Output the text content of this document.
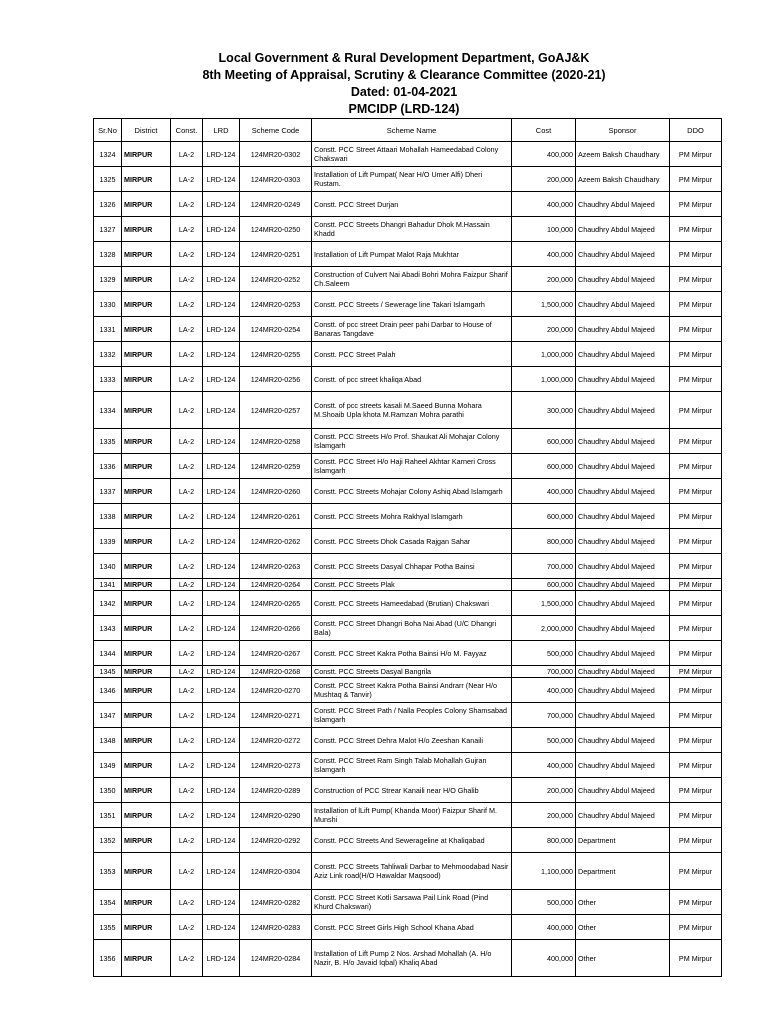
Local Government & Rural Development Department, GoAJ&K
8th Meeting of Appraisal, Scrutiny & Clearance Committee (2020-21)
Dated: 01-04-2021
PMCIDP (LRD-124)
Sr.No	District	Const.	LRD	Scheme Code	Scheme Name	Cost	Sponsor	DDO
1324	MIRPUR	LA-2	LRD-124	124MR20-0302	Constt. PCC Street Attaari Mohallah Hameedabad Colony Chakswari	400,000	Azeem Baksh Chaudhary	PM Mirpur
1325	MIRPUR	LA-2	LRD-124	124MR20-0303	Installation of Lift Pumpat( Near H/O Umer Alfi) Dheri Rustam.	200,000	Azeem Baksh Chaudhary	PM Mirpur
1326	MIRPUR	LA-2	LRD-124	124MR20-0249	Constt. PCC Street Durjan	400,000	Chaudhry Abdul Majeed	PM Mirpur
1327	MIRPUR	LA-2	LRD-124	124MR20-0250	Constt. PCC Streets Dhangri Bahadur Dhok M.Hassain Khadd	100,000	Chaudhry Abdul Majeed	PM Mirpur
1328	MIRPUR	LA-2	LRD-124	124MR20-0251	Installation of Lift Pumpat Malot Raja Mukhtar	400,000	Chaudhry Abdul Majeed	PM Mirpur
1329	MIRPUR	LA-2	LRD-124	124MR20-0252	Construction of Culvert Nai Abadi Bohri Mohra Faizpur Sharif Ch.Saleem	200,000	Chaudhry Abdul Majeed	PM Mirpur
1330	MIRPUR	LA-2	LRD-124	124MR20-0253	Constt. PCC Streets / Sewerage line Takari Islamgarh	1,500,000	Chaudhry Abdul Majeed	PM Mirpur
1331	MIRPUR	LA-2	LRD-124	124MR20-0254	Constt. of pcc street Drain peer pahi Darbar to House of Banaras Tangdave	200,000	Chaudhry Abdul Majeed	PM Mirpur
1332	MIRPUR	LA-2	LRD-124	124MR20-0255	Constt. PCC Street Palah	1,000,000	Chaudhry Abdul Majeed	PM Mirpur
1333	MIRPUR	LA-2	LRD-124	124MR20-0256	Constt. of pcc street khaliqa Abad	1,000,000	Chaudhry Abdul Majeed	PM Mirpur
1334	MIRPUR	LA-2	LRD-124	124MR20-0257	Constt. of pcc streets kasali M.Saeed Bunna Mohara M.Shoaib Upla khota M.Ramzan Mohra parathi	300,000	Chaudhry Abdul Majeed	PM Mirpur
1335	MIRPUR	LA-2	LRD-124	124MR20-0258	Constt. PCC Streets H/o Prof. Shaukat Ali Mohajar Colony Islamgarh	600,000	Chaudhry Abdul Majeed	PM Mirpur
1336	MIRPUR	LA-2	LRD-124	124MR20-0259	Constt. PCC Street H/o Haji Raheel Akhtar Karneri Cross Islamgarh	600,000	Chaudhry Abdul Majeed	PM Mirpur
1337	MIRPUR	LA-2	LRD-124	124MR20-0260	Constt. PCC Streets Mohajar Colony Ashiq Abad Islamgarh	400,000	Chaudhry Abdul Majeed	PM Mirpur
1338	MIRPUR	LA-2	LRD-124	124MR20-0261	Constt. PCC Streets Mohra Rakhyal Islamgarh	600,000	Chaudhry Abdul Majeed	PM Mirpur
1339	MIRPUR	LA-2	LRD-124	124MR20-0262	Constt. PCC Streets Dhok Casada Rajgan Sahar	800,000	Chaudhry Abdul Majeed	PM Mirpur
1340	MIRPUR	LA-2	LRD-124	124MR20-0263	Constt. PCC Streets Dasyal Chhapar Potha Bainsi	700,000	Chaudhry Abdul Majeed	PM Mirpur
1341	MIRPUR	LA-2	LRD-124	124MR20-0264	Constt. PCC Streets Plak	600,000	Chaudhry Abdul Majeed	PM Mirpur
1342	MIRPUR	LA-2	LRD-124	124MR20-0265	Constt. PCC Streets Hameedabad (Brutian) Chakswari	1,500,000	Chaudhry Abdul Majeed	PM Mirpur
1343	MIRPUR	LA-2	LRD-124	124MR20-0266	Constt. PCC Street Dhangri Boha Nai Abad (U/C Dhangri Bala)	2,000,000	Chaudhry Abdul Majeed	PM Mirpur
1344	MIRPUR	LA-2	LRD-124	124MR20-0267	Constt. PCC Street Kakra Potha Bainsi H/o M. Fayyaz	500,000	Chaudhry Abdul Majeed	PM Mirpur
1345	MIRPUR	LA-2	LRD-124	124MR20-0268	Constt. PCC Streets Dasyal Bangrila	700,000	Chaudhry Abdul Majeed	PM Mirpur
1346	MIRPUR	LA-2	LRD-124	124MR20-0270	Constt. PCC Street Kakra Potha Bainsi Andrarr (Near H/o Mushtaq & Tanvir)	400,000	Chaudhry Abdul Majeed	PM Mirpur
1347	MIRPUR	LA-2	LRD-124	124MR20-0271	Constt. PCC Street Path / Nalla Peoples Colony Shamsabad Islamgarh	700,000	Chaudhry Abdul Majeed	PM Mirpur
1348	MIRPUR	LA-2	LRD-124	124MR20-0272	Constt. PCC Street Dehra Malot H/o Zeeshan Kanaili	500,000	Chaudhry Abdul Majeed	PM Mirpur
1349	MIRPUR	LA-2	LRD-124	124MR20-0273	Constt. PCC Street Ram Singh Talab Mohallah Gujran Islamgarh	400,000	Chaudhry Abdul Majeed	PM Mirpur
1350	MIRPUR	LA-2	LRD-124	124MR20-0289	Construction of PCC Strear Kanaili near H/O Ghalib	200,000	Chaudhry Abdul Majeed	PM Mirpur
1351	MIRPUR	LA-2	LRD-124	124MR20-0290	Installation of lLift Pump( Khanda Moor) Faizpur Sharif M. Munshi	200,000	Chaudhry Abdul Majeed	PM Mirpur
1352	MIRPUR	LA-2	LRD-124	124MR20-0292	Constt. PCC Streets And Sewerageline at Khaliqabad	800,000	Department	PM Mirpur
1353	MIRPUR	LA-2	LRD-124	124MR20-0304	Constt. PCC Streets Tahliwali Darbar to Mehmoodabad Nasir Aziz Link road(H/O Hawaldar Maqsood)	1,100,000	Department	PM Mirpur
1354	MIRPUR	LA-2	LRD-124	124MR20-0282	Constt. PCC Street Kotli Sarsawa Pail Link Road (Pind Khurd Chakswari)	500,000	Other	PM Mirpur
1355	MIRPUR	LA-2	LRD-124	124MR20-0283	Constt. PCC Street Girls High School Khana Abad	400,000	Other	PM Mirpur
1356	MIRPUR	LA-2	LRD-124	124MR20-0284	Installation of Lift Pump 2 Nos. Arshad Mohallah (A. H/o Nazir, B. H/o Javaid Iqbal) Khaliq Abad	400,000	Other	PM Mirpur
